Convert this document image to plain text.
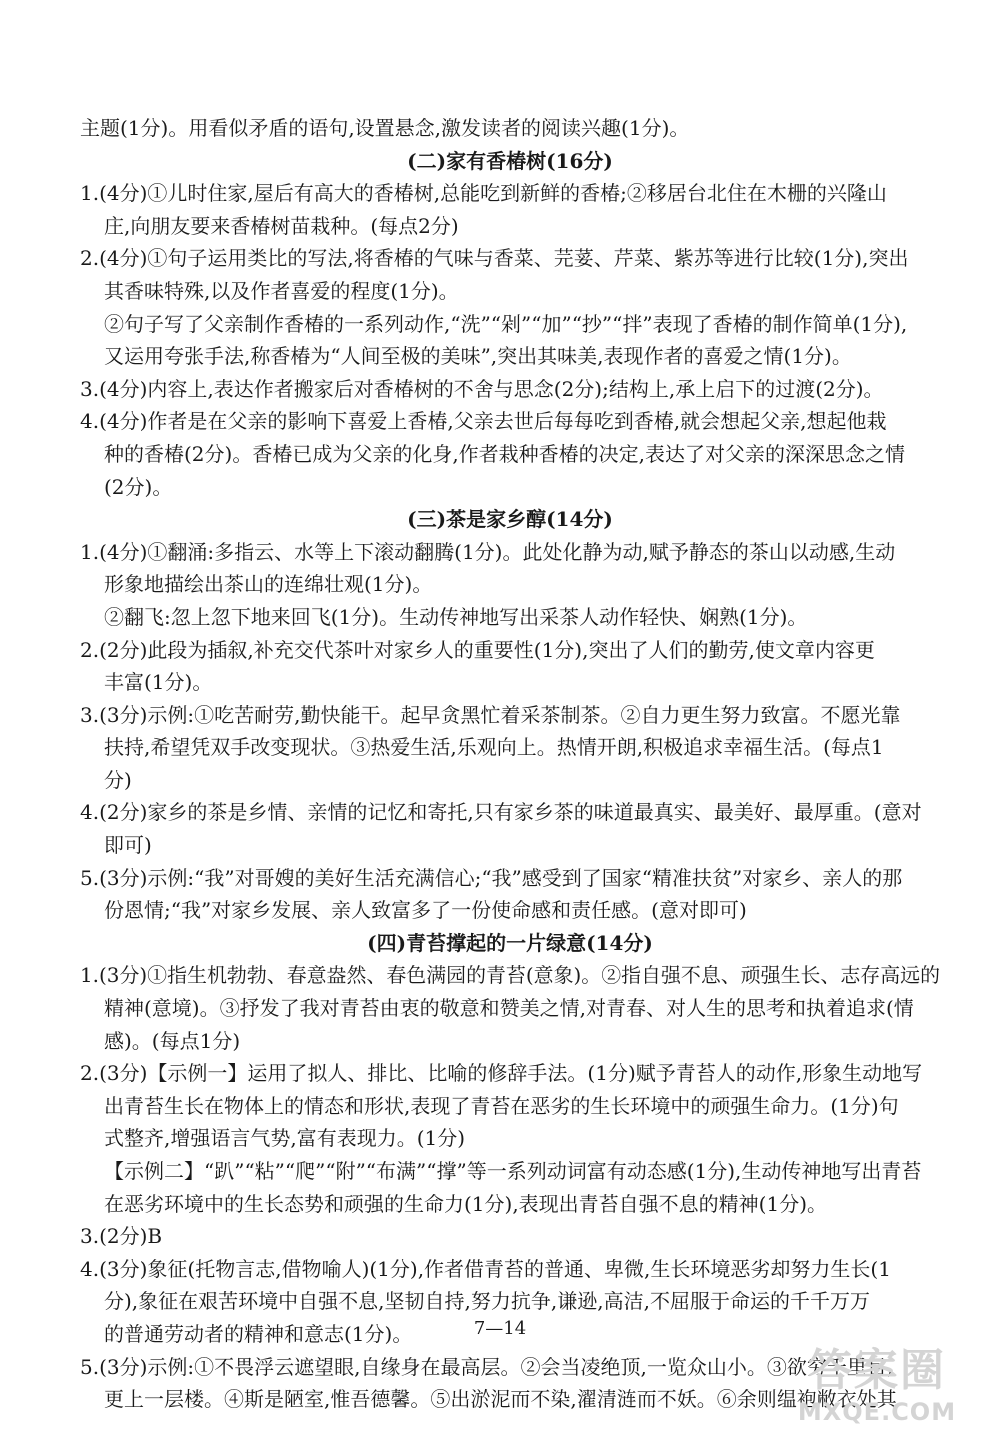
主题(1分)。用看似矛盾的语句,设置悬念,激发读者的阅读兴趣(1分)。
(二)家有香椿树(16分)
1.(4分)①儿时住家,屋后有高大的香椿树,总能吃到新鲜的香椿;②移居台北住在木栅的兴隆山
庄,向朋友要来香椿树苗栽种。(每点2分)
2.(4分)①句子运用类比的写法,将香椿的气味与香菜、芫荽、芹菜、紫苏等进行比较(1分),突出
其香味特殊,以及作者喜爱的程度(1分)。
②句子写了父亲制作香椿的一系列动作,“洗”“剁”“加”“抄”“拌”表现了香椿的制作简单(1分),
又运用夸张手法,称香椿为“人间至极的美味”,突出其味美,表现作者的喜爱之情(1分)。
3.(4分)内容上,表达作者搬家后对香椿树的不舍与思念(2分);结构上,承上启下的过渡(2分)。
4.(4分)作者是在父亲的影响下喜爱上香椿,父亲去世后每每吃到香椿,就会想起父亲,想起他栽
种的香椿(2分)。香椿已成为父亲的化身,作者栽种香椿的决定,表达了对父亲的深深思念之情
(2分)。
(三)茶是家乡醇(14分)
1.(4分)①翻涌:多指云、水等上下滚动翻腾(1分)。此处化静为动,赋予静态的茶山以动感,生动
形象地描绘出茶山的连绵壮观(1分)。
②翻飞:忽上忽下地来回飞(1分)。生动传神地写出采茶人动作轻快、娴熟(1分)。
2.(2分)此段为插叙,补充交代茶叶对家乡人的重要性(1分),突出了人们的勤劳,使文章内容更
丰富(1分)。
3.(3分)示例:①吃苦耐劳,勤快能干。起早贪黑忙着采茶制茶。②自力更生努力致富。不愿光靠
扶持,希望凭双手改变现状。③热爱生活,乐观向上。热情开朗,积极追求幸福生活。(每点1
分)
4.(2分)家乡的茶是乡情、亲情的记忆和寄托,只有家乡茶的味道最真实、最美好、最厚重。(意对
即可)
5.(3分)示例:“我”对哥嫂的美好生活充满信心;“我”感受到了国家“精准扶贫”对家乡、亲人的那
份恩情;“我”对家乡发展、亲人致富多了一份使命感和责任感。(意对即可)
(四)青苔撑起的一片绿意(14分)
1.(3分)①指生机勃勃、春意盎然、春色满园的青苔(意象)。②指自强不息、顽强生长、志存高远的
精神(意境)。③抒发了我对青苔由衷的敬意和赞美之情,对青春、对人生的思考和执着追求(情
感)。(每点1分)
2.(3分)【示例一】运用了拟人、排比、比喻的修辞手法。(1分)赋予青苔人的动作,形象生动地写
出青苔生长在物体上的情态和形状,表现了青苔在恶劣的生长环境中的顽强生命力。(1分)句
式整齐,增强语言气势,富有表现力。(1分)
【示例二】“趴”“粘”“爬”“附”“布满”“撑”等一系列动词富有动态感(1分),生动传神地写出青苔
在恶劣环境中的生长态势和顽强的生命力(1分),表现出青苔自强不息的精神(1分)。
3.(2分)B
4.(3分)象征(托物言志,借物喻人)(1分),作者借青苔的普通、卑微,生长环境恶劣却努力生长(1
分),象征在艰苦环境中自强不息,坚韧自持,努力抗争,谦逊,高洁,不屈服于命运的千千万万
的普通劳动者的精神和意志(1分)。
5.(3分)示例:①不畏浮云遮望眼,自缘身在最高层。②会当凌绝顶,一览众山小。③欲穷千里目,
更上一层楼。④斯是陋室,惟吾德馨。⑤出淤泥而不染,濯清涟而不妖。⑥余则缊袍敝衣处其
7—14
答案圈
MXQE.COM
